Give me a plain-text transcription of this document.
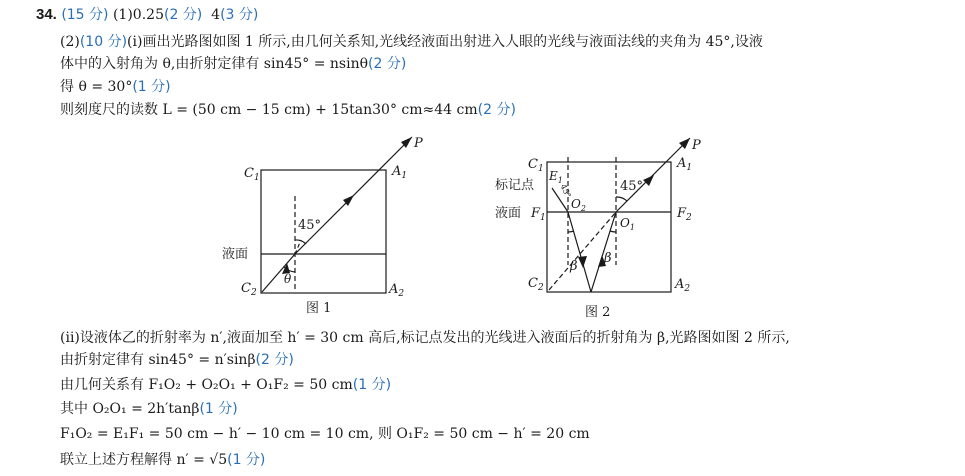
34. (15 分) (1)0.25(2 分) 4(3 分)
(2)(10 分)(ⅰ)画出光路图如图 1 所示,由几何关系知,光线经液面出射进入人眼的光线与液面法线的夹角为 45°,设液
体中的入射角为 θ,由折射定律有 sin45° = nsinθ(2 分)
得 θ = 30°(1 分)
则刻度尺的读数 L = (50 cm − 15 cm) + 15tan30° cm≈44 cm(2 分)
$C_1$	$A_1$
P
45°
液面
$C_2$
θ
$A_2$
图 1
$C_1$ $E_1$
标记点	45°
$O_2$
45°
$O_1$
P
$A_1$
液面 $F_1$	$F_2$
β
β
$C_2$	$A_2$
图 2
(ⅱ)设液体乙的折射率为 n′,液面加至 h′ = 30 cm 高后,标记点发出的光线进入液面后的折射角为 β,光路图如图 2 所示,
由折射定律有 sin45° = n′sinβ(2 分)
由几何关系有 F₁O₂ + O₂O₁ + O₁F₂ = 50 cm(1 分)
其中 O₂O₁ = 2h′tanβ(1 分)
F₁O₂ = E₁F₁ = 50 cm − h′ − 10 cm = 10 cm, 则 O₁F₂ = 50 cm − h′ = 20 cm
联立上述方程解得 n′ = √5(1 分)
